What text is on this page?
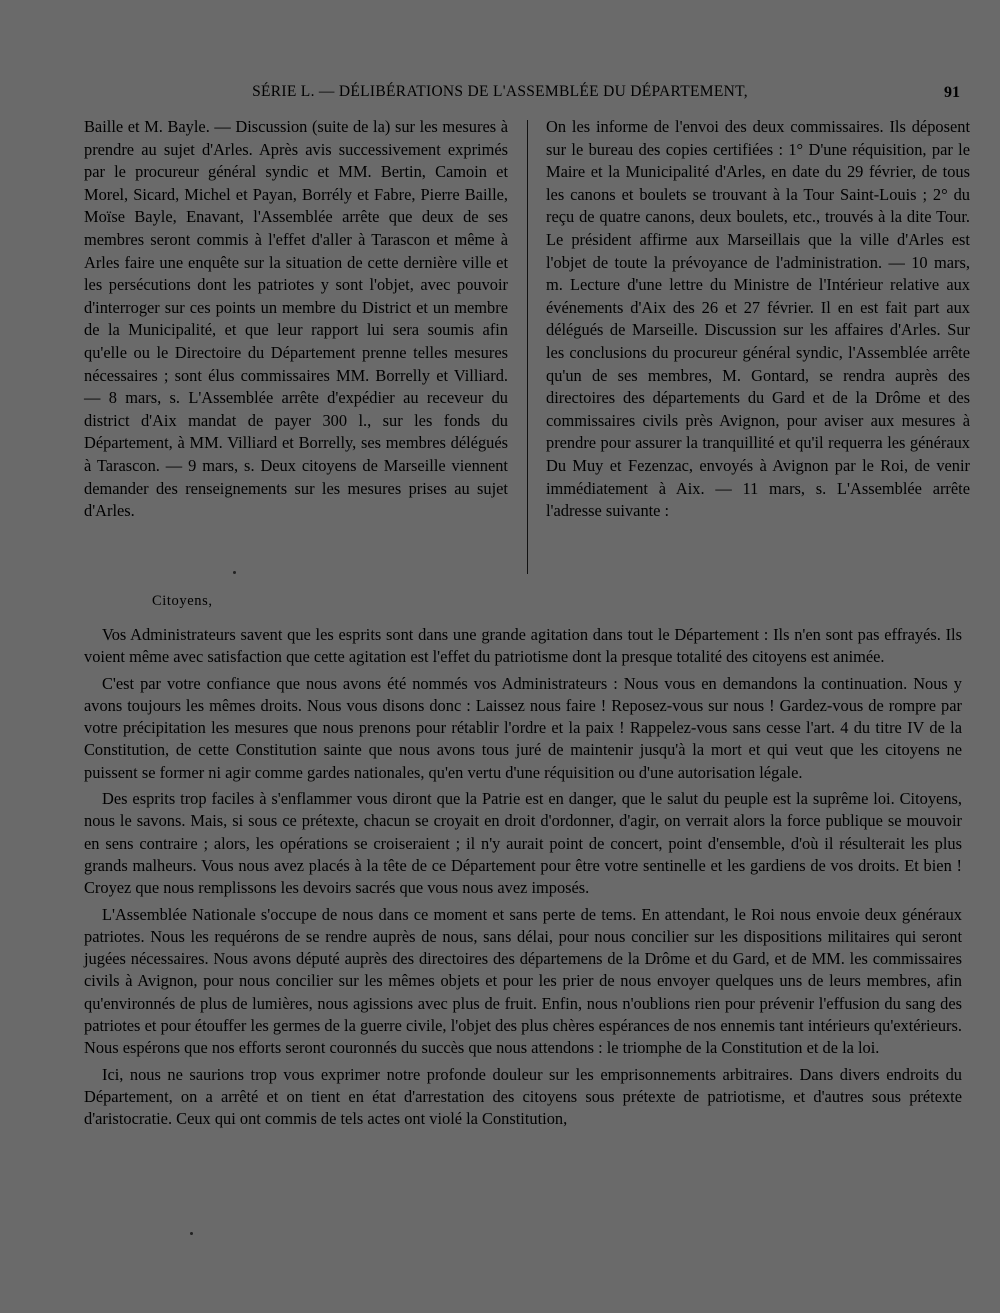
SÉRIE L. — DÉLIBÉRATIONS DE L'ASSEMBLÉE DU DÉPARTEMENT,	91

Baille et M. Bayle. — Discussion (suite de la) sur les mesures à prendre au sujet d'Arles. Après avis successivement exprimés par le procureur général syndic et MM. Bertin, Camoin et Morel, Sicard, Michel et Payan, Borrély et Fabre, Pierre Baille, Moïse Bayle, Enavant, l'Assemblée arrête que deux de ses membres seront commis à l'effet d'aller à Tarascon et même à Arles faire une enquête sur la situation de cette dernière ville et les persécutions dont les patriotes y sont l'objet, avec pouvoir d'interroger sur ces points un membre du District et un membre de la Municipalité, et que leur rapport lui sera soumis afin qu'elle ou le Directoire du Département prenne telles mesures nécessaires ; sont élus commissaires MM. Borrelly et Villiard. — 8 mars, s. L'Assemblée arrête d'expédier au receveur du district d'Aix mandat de payer 300 l., sur les fonds du Département, à MM. Villiard et Borrelly, ses membres délégués à Tarascon. — 9 mars, s. Deux citoyens de Marseille viennent demander des renseignements sur les mesures prises au sujet d'Arles.

On les informe de l'envoi des deux commissaires. Ils déposent sur le bureau des copies certifiées : 1° D'une réquisition, par le Maire et la Municipalité d'Arles, en date du 29 février, de tous les canons et boulets se trouvant à la Tour Saint-Louis ; 2° du reçu de quatre canons, deux boulets, etc., trouvés à la dite Tour. Le président affirme aux Marseillais que la ville d'Arles est l'objet de toute la prévoyance de l'administration. — 10 mars, m. Lecture d'une lettre du Ministre de l'Intérieur relative aux événements d'Aix des 26 et 27 février. Il en est fait part aux délégués de Marseille. Discussion sur les affaires d'Arles. Sur les conclusions du procureur général syndic, l'Assemblée arrête qu'un de ses membres, M. Gontard, se rendra auprès des directoires des départements du Gard et de la Drôme et des commissaires civils près Avignon, pour aviser aux mesures à prendre pour assurer la tranquillité et qu'il requerra les généraux Du Muy et Fezenzac, envoyés à Avignon par le Roi, de venir immédiatement à Aix. — 11 mars, s. L'Assemblée arrête l'adresse suivante :

Citoyens,

Vos Administrateurs savent que les esprits sont dans une grande agitation dans tout le Département : Ils n'en sont pas effrayés. Ils voient même avec satisfaction que cette agitation est l'effet du patriotisme dont la presque totalité des citoyens est animée.

C'est par votre confiance que nous avons été nommés vos Administrateurs : Nous vous en demandons la continuation. Nous y avons toujours les mêmes droits. Nous vous disons donc : Laissez nous faire ! Reposez-vous sur nous ! Gardez-vous de rompre par votre précipitation les mesures que nous prenons pour rétablir l'ordre et la paix ! Rappelez-vous sans cesse l'art. 4 du titre IV de la Constitution, de cette Constitution sainte que nous avons tous juré de maintenir jusqu'à la mort et qui veut que les citoyens ne puissent se former ni agir comme gardes nationales, qu'en vertu d'une réquisition ou d'une autorisation légale.

Des esprits trop faciles à s'enflammer vous diront que la Patrie est en danger, que le salut du peuple est la suprême loi. Citoyens, nous le savons. Mais, si sous ce prétexte, chacun se croyait en droit d'ordonner, d'agir, on verrait alors la force publique se mouvoir en sens contraire ; alors, les opérations se croiseraient ; il n'y aurait point de concert, point d'ensemble, d'où il résulterait les plus grands malheurs. Vous nous avez placés à la tête de ce Département pour être votre sentinelle et les gardiens de vos droits. Et bien ! Croyez que nous remplissons les devoirs sacrés que vous nous avez imposés.

L'Assemblée Nationale s'occupe de nous dans ce moment et sans perte de tems. En attendant, le Roi nous envoie deux généraux patriotes. Nous les requérons de se rendre auprès de nous, sans délai, pour nous concilier sur les dispositions militaires qui seront jugées nécessaires. Nous avons député auprès des directoires des départemens de la Drôme et du Gard, et de MM. les commissaires civils à Avignon, pour nous concilier sur les mêmes objets et pour les prier de nous envoyer quelques uns de leurs membres, afin qu'environnés de plus de lumières, nous agissions avec plus de fruit. Enfin, nous n'oublions rien pour prévenir l'effusion du sang des patriotes et pour étouffer les germes de la guerre civile, l'objet des plus chères espérances de nos ennemis tant intérieurs qu'extérieurs. Nous espérons que nos efforts seront couronnés du succès que nous attendons : le triomphe de la Constitution et de la loi.

Ici, nous ne saurions trop vous exprimer notre profonde douleur sur les emprisonnements arbitraires. Dans divers endroits du Département, on a arrêté et on tient en état d'arrestation des citoyens sous prétexte de patriotisme, et d'autres sous prétexte d'aristocratie. Ceux qui ont commis de tels actes ont violé la Constitution,
